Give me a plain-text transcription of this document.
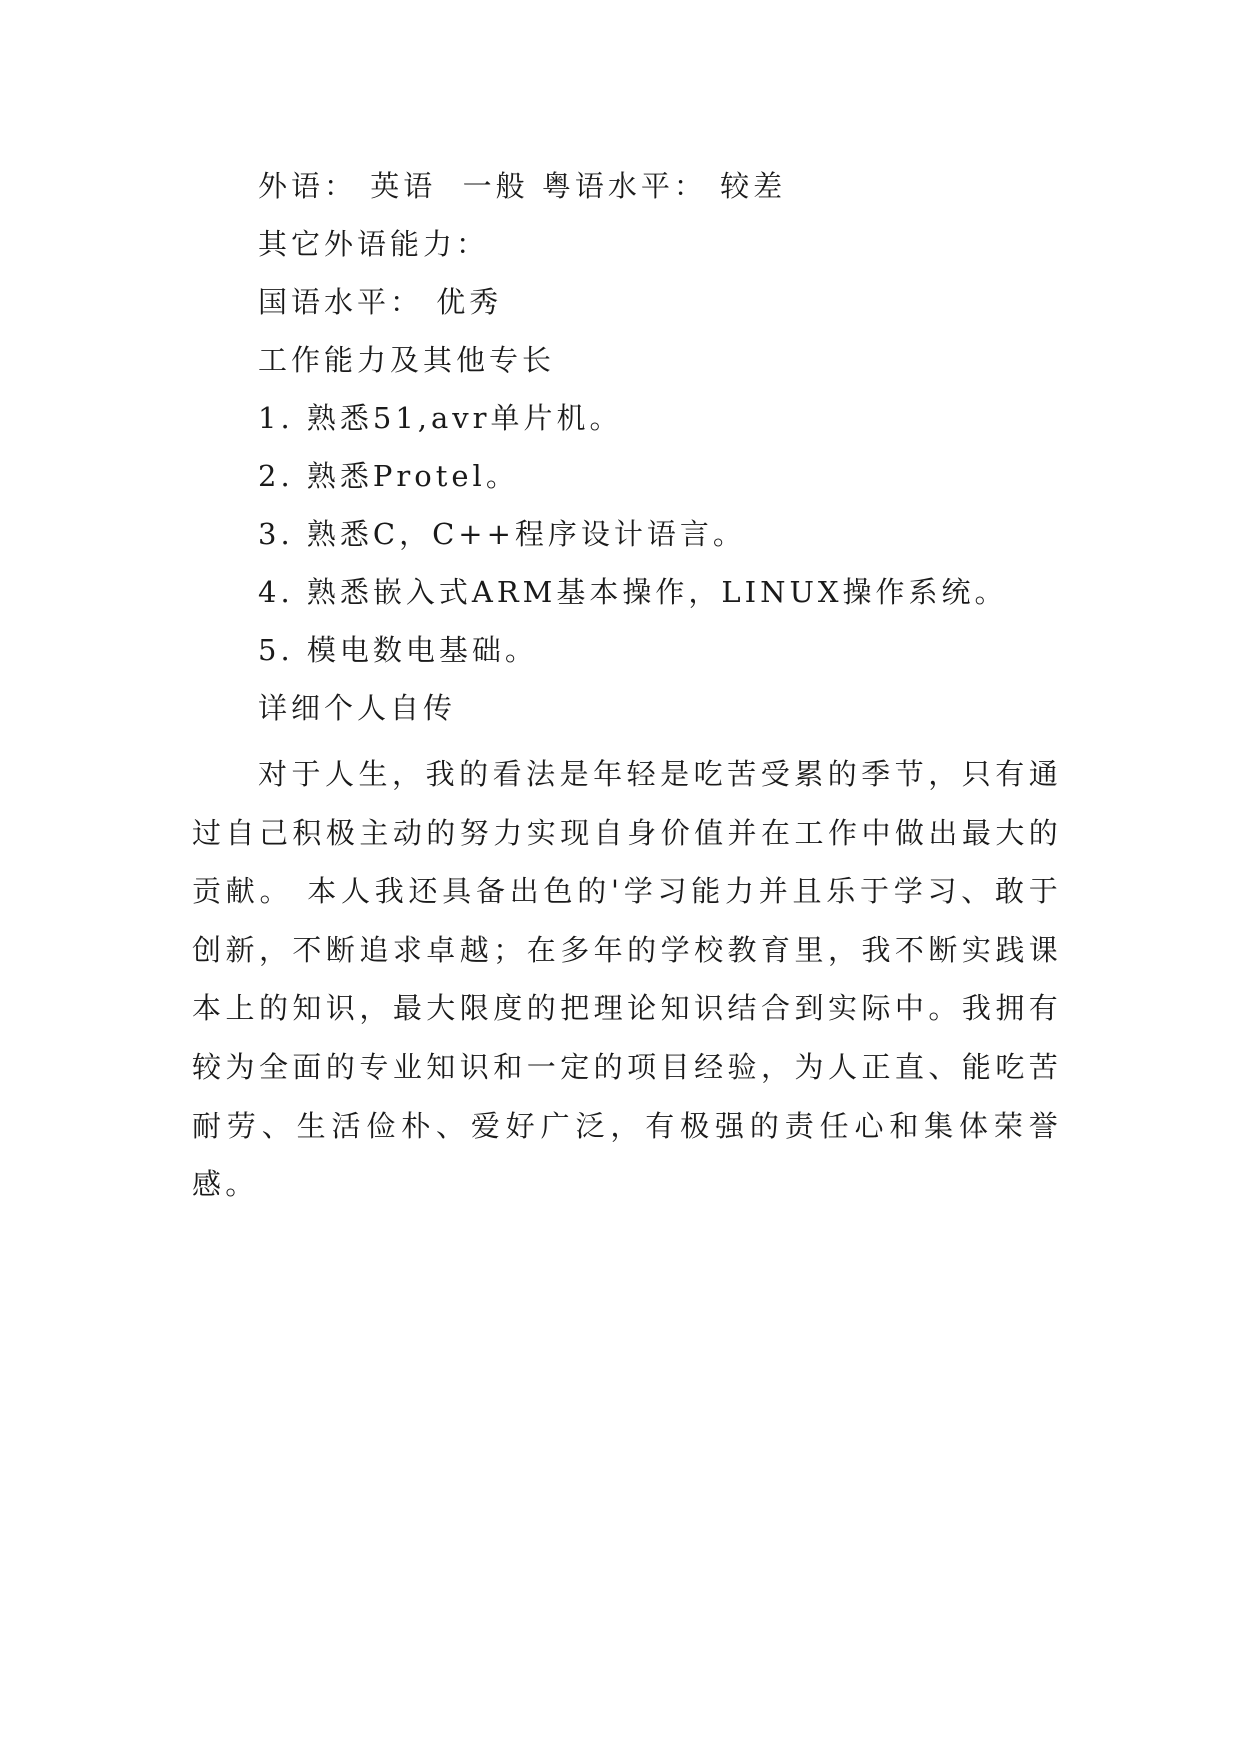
外语： 英语  一般 粤语水平： 较差
其它外语能力：
国语水平： 优秀
工作能力及其他专长
1. 熟悉51,avr单片机。
2. 熟悉Protel。
3. 熟悉C，C++程序设计语言。
4. 熟悉嵌入式ARM基本操作，LINUX操作系统。
5. 模电数电基础。
详细个人自传

对于人生，我的看法是年轻是吃苦受累的季节，只有通过自己积极主动的努力实现自身价值并在工作中做出最大的贡献。 本人我还具备出色的'学习能力并且乐于学习、敢于创新，不断追求卓越；在多年的学校教育里，我不断实践课本上的知识，最大限度的把理论知识结合到实际中。我拥有较为全面的专业知识和一定的项目经验，为人正直、能吃苦耐劳、生活俭朴、爱好广泛，有极强的责任心和集体荣誉感。
